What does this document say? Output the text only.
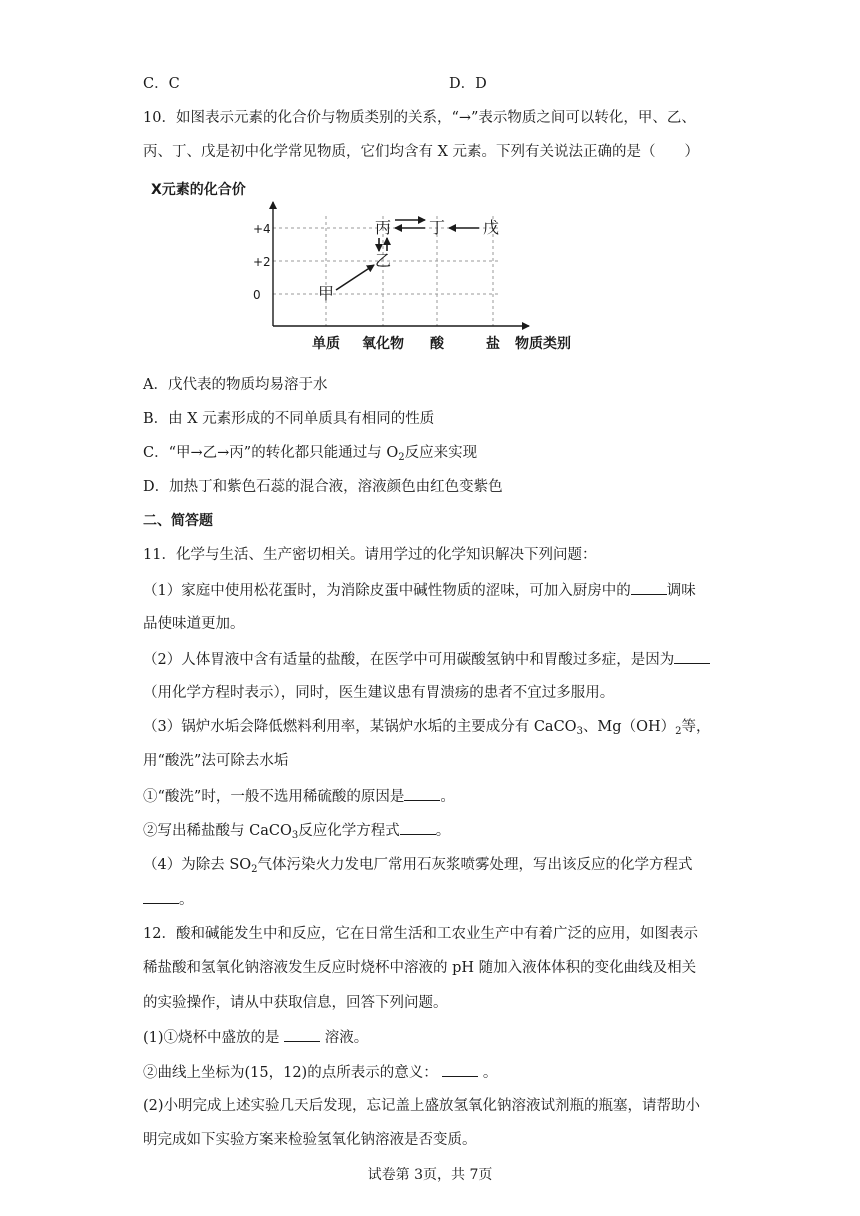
C．C	D．D
10．如图表示元素的化合价与物质类别的关系，“→”表示物质之间可以转化，甲、乙、
丙、丁、戊是初中化学常见物质，它们均含有 X 元素。下列有关说法正确的是（　　）
X元素的化合价
物质类别
+4
+2
0
单质 氧化物 酸	盐
甲
乙
丙 丁 戊
A．戊代表的物质均易溶于水
B．由 X 元素形成的不同单质具有相同的性质
C．“甲→乙→丙”的转化都只能通过与 $O_2$反应来实现
D．加热丁和紫色石蕊的混合液，溶液颜色由红色变紫色
二、简答题
11．化学与生活、生产密切相关。请用学过的化学知识解决下列问题：
（1）家庭中使用松花蛋时，为消除皮蛋中碱性物质的涩味，可加入厨房中的 调味
品使味道更加。
（2）人体胃液中含有适量的盐酸，在医学中可用碳酸氢钠中和胃酸过多症，是因为
（用化学方程时表示），同时，医生建议患有胃溃疡的患者不宜过多服用。
（3）锅炉水垢会降低燃料利用率，某锅炉水垢的主要成分有 CaCO$_3$、$Mg(OH)_2$等，
用“酸洗”法可除去水垢
①“酸洗”时，一般不选用稀硫酸的原因是 。
②写出稀盐酸与 CaCO$_3$反应化学方程式 。
（4）为除去 $SO_2$气体污染火力发电厂常用石灰浆喷雾处理，写出该反应的化学方程式
。
12．酸和碱能发生中和反应，它在日常生活和工农业生产中有着广泛的应用，如图表示
稀盐酸和氢氧化钠溶液发生反应时烧杯中溶液的 pH 随加入液体体积的变化曲线及相关
的实验操作，请从中获取信息，回答下列问题。
(1)①烧杯中盛放的是  溶液。
②曲线上坐标为(15，12)的点所表示的意义：	。
(2)小明完成上述实验几天后发现，忘记盖上盛放氢氧化钠溶液试剂瓶的瓶塞，请帮助小
明完成如下实验方案来检验氢氧化钠溶液是否变质。
试卷第 3页，共 7页
